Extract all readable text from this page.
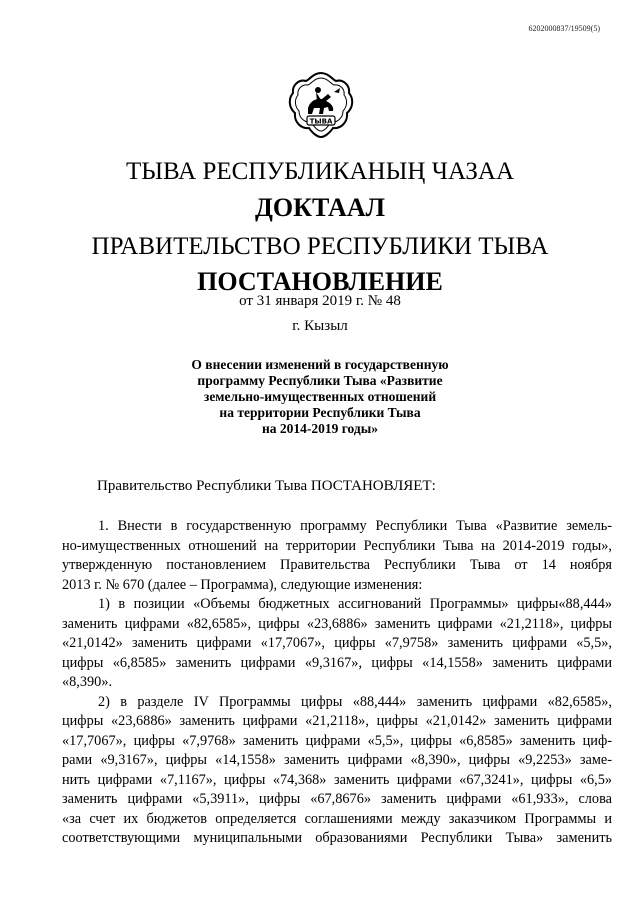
6202000837/19509(5)
ТЫВА
ТЫВА РЕСПУБЛИКАНЫҢ ЧАЗАА
ДОКТААЛ
ПРАВИТЕЛЬСТВО РЕСПУБЛИКИ ТЫВА
ПОСТАНОВЛЕНИЕ
от 31 января 2019 г. № 48
г. Кызыл
О внесении изменений в государственную
программу Республики Тыва «Развитие
земельно-имущественных отношений
на территории Республики Тыва
на 2014-2019 годы»
Правительство Республики Тыва ПОСТАНОВЛЯЕТ:
1. Внести в государственную программу Республики Тыва «Развитие земель-
но-имущественных отношений на территории Республики Тыва на 2014-2019 годы»,
утвержденную постановлением Правительства Республики Тыва от 14 ноября
2013 г. № 670 (далее – Программа), следующие изменения:
1) в позиции «Объемы бюджетных ассигнований Программы» цифры«88,444»
заменить цифрами «82,6585», цифры «23,6886» заменить цифрами «21,2118», цифры
«21,0142» заменить цифрами «17,7067», цифры «7,9758» заменить цифрами «5,5»,
цифры «6,8585» заменить цифрами «9,3167», цифры «14,1558» заменить цифрами
«8,390».
2) в разделе IV Программы цифры «88,444» заменить цифрами «82,6585»,
цифры «23,6886» заменить цифрами «21,2118», цифры «21,0142» заменить цифрами
«17,7067», цифры «7,9768» заменить цифрами «5,5», цифры «6,8585» заменить циф-
рами «9,3167», цифры «14,1558» заменить цифрами «8,390», цифры «9,2253» заме-
нить цифрами «7,1167», цифры «74,368» заменить цифрами «67,3241», цифры «6,5»
заменить цифрами «5,3911», цифры «67,8676» заменить цифрами «61,933», слова
«за счет их бюджетов определяется соглашениями между заказчиком Программы и
соответствующими муниципальными образованиями Республики Тыва» заменить
